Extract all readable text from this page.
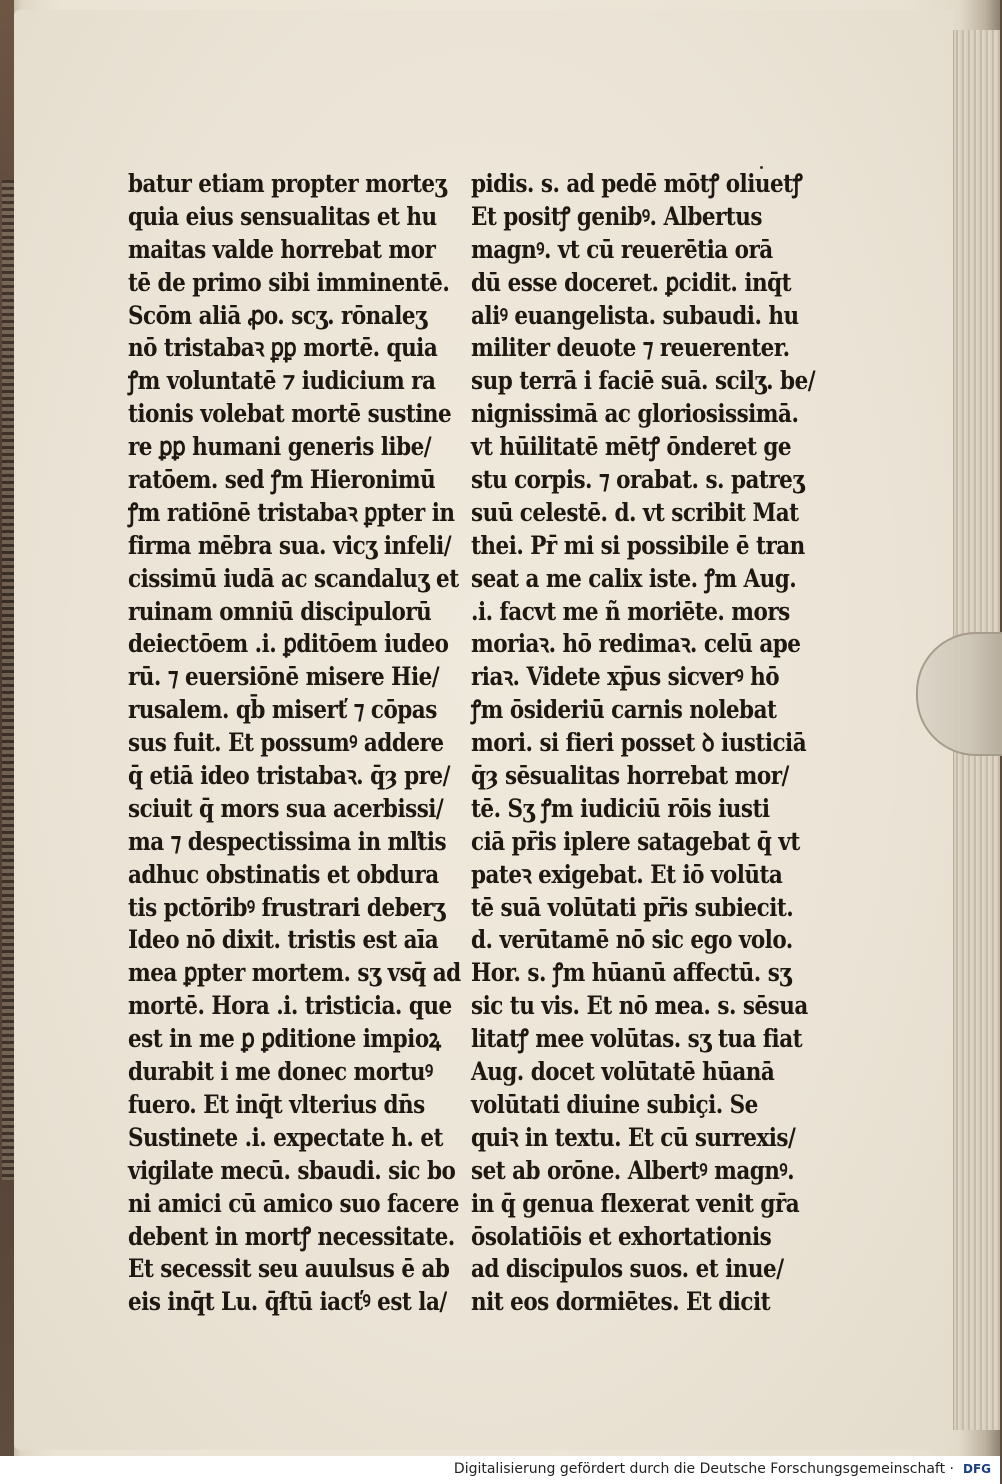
batur etiam propter morteʒ
quia eius sensualitas et hu
maitas valde horrebat mor
tē de primo sibi imminentē.
Scōm aliā ꝓo. scʒ. rōnaleʒ
nō tristabaꝛ ꝑꝑ mortē. quia
ꝭm voluntatē ⁊ iudicium ra
tionis volebat mortē sustine
re ꝑꝑ humani generis libe/
ratōem. sed ꝭm Hieronimū
ꝭm ratiōnē tristabaꝛ ꝑpter in
firma mēbra sua. vicʒ infeli/
cissimū iudā ac scandaluʒ et
ruinam omniū discipulorū
deiectōem .i. ꝑditōem iudeo
rū. ⁊ euersiōnē misere Hie/
rusalem. qb̄ miserť ⁊ cōpas
sus fuit. Et possumꝰ addere
q̄ etiā ideo tristabaꝛ. q̄ȝ pre/
sciuit q̄ mors sua acerbissi/
ma ⁊ despectissima in mľtis
adhuc obstinatis et obdura
tis pctōribꝰ frustrari deberʒ
Ideo nō dixit. tristis est aīa
mea ꝑpter mortem. sʒ vsq̄ ad
mortē. Hora .i. tristicia. que
est in me ꝑ ꝑditione impioꝝ
durabit i me donec mortuꝰ
fuero. Et inq̄t vlterius dn̄s
Sustinete .i. expectate h. et
vigilate mecū. sbaudi. sic bo
ni amici cū amico suo facere
debent in mortꝭ necessitate.
Et secessit seu auulsus ē ab
eis inq̄t Lu. q̄ẜtū iacťꝰ est la/
pidis. s. ad pedē mōtꝭ oliuetꝭ
Et positꝭ genibꝰ. Albertus
magnꝰ. vt cū reuerētia orā
dū esse doceret. ꝑcidit. inq̄t
aliꝰ euangelista. subaudi. hu
militer deuote ⁊ reuerenter.
sup terrā i faciē suā. scilʒ. be/
nignissimā ac gloriosissimā.
vt hūilitatē mētꝭ ōnderet ge
stu corpis. ⁊ orabat. s. patreʒ
suū celestē. d. vt scribit Mat
thei. Pr̄ mi si possibile ē tran
seat a me calix iste. ꝭm Aug.
.i. facvt me ñ moriēte. mors
moriaꝛ. hō redimaꝛ. celū ape
riaꝛ. Videte xp̄us sicverꝰ hō
ꝭm ōsideriū carnis nolebat
mori. si fieri posset ꝺ iusticiā
q̄ȝ sēsualitas horrebat mor/
tē. Sʒ ꝭm iudiciū rōis iusti
ciā pr̄is iplere satagebat q̄ vt
pateꝛ exigebat. Et iō volūta
tē suā volūtati pr̄is subiecit.
d. verūtamē nō sic ego volo.
Hor. s. ꝭm hūanū affectū. sʒ
sic tu vis. Et nō mea. s. sēsua
litatꝭ mee volūtas. sʒ tua fiat
Aug. docet volūtatē hūanā
volūtati diuine subiçi. Se
quiꝛ in textu. Et cū surrexis/
set ab orōne. Albertꝰ magnꝰ.
in q̄ genua flexerat venit gr̄a
ōsolatiōis et exhortationis
ad discipulos suos. et inue/
nit eos dormiētes. Et dicit
Digitalisierung gefördert durch die Deutsche Forschungsgemeinschaft · DFG
